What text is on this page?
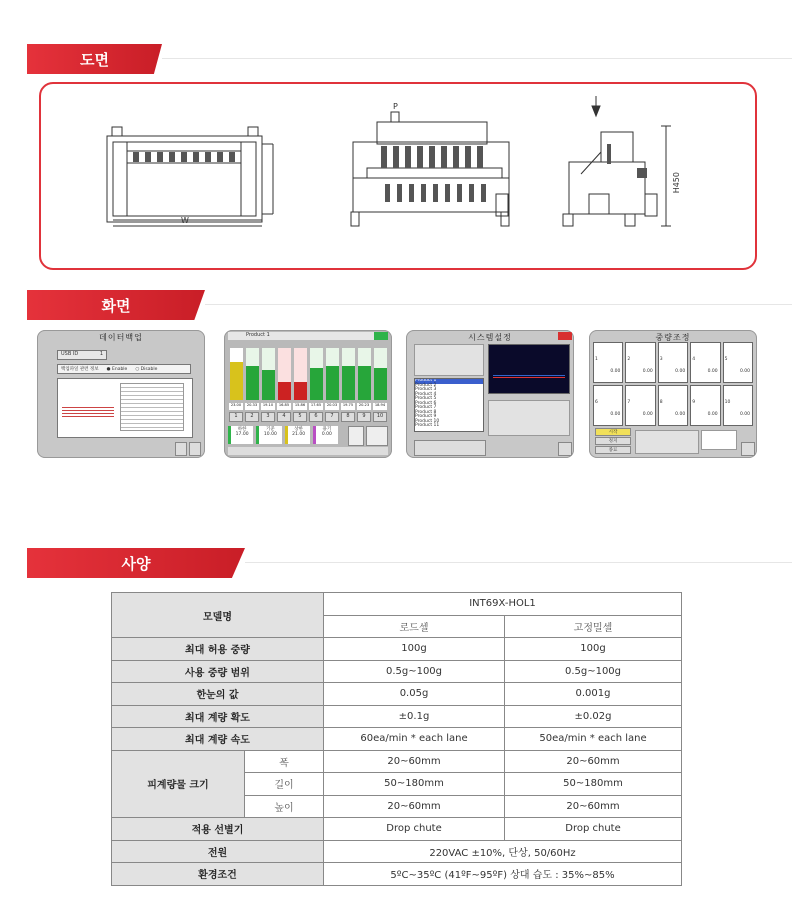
도면
W
P
H450
화면
데이터백업
USB ID	1
백업파일 관련 정보 ● Enable ○ Disable
Product 1
23.00	20.33	19.10	16.85	15.86	17.65	20.03	19.75	20.23	18.94
1	2	3	4	5	6	7	8	9	10
하한
17.00
기준
10.00
상한
21.00
용기
0.00
시스템설정
Product 1
Product 2
Product 3
Product 4
Product 5
Product 6
Product 7
Product 8
Product 9
Product 10
Product 11
중량조정
1
0.00
2
0.00
3
0.00
4
0.00
5
0.00
6
0.00
7
0.00
8
0.00
9
0.00
10
0.00
시작
정지
종료
사양
모델명		INT69X-HOL1	
		로드셀	고정밀셀
최대 허용 중량		100g	100g
사용 중량 범위		0.5g~100g	0.5g~100g
한눈의 값		0.05g	0.001g
최대 계량 확도		±0.1g	±0.02g
최대 계량 속도		60ea/min * each lane	50ea/min * each lane
피계량물 크기	폭	20~60mm	20~60mm
	길이	50~180mm	50~180mm
	높이	20~60mm	20~60mm
적용 선별기		Drop chute	Drop chute
전원		220VAC ±10%, 단상, 50/60Hz	
환경조건		5ºC~35ºC (41ºF~95ºF) 상대 습도 : 35%~85%	
